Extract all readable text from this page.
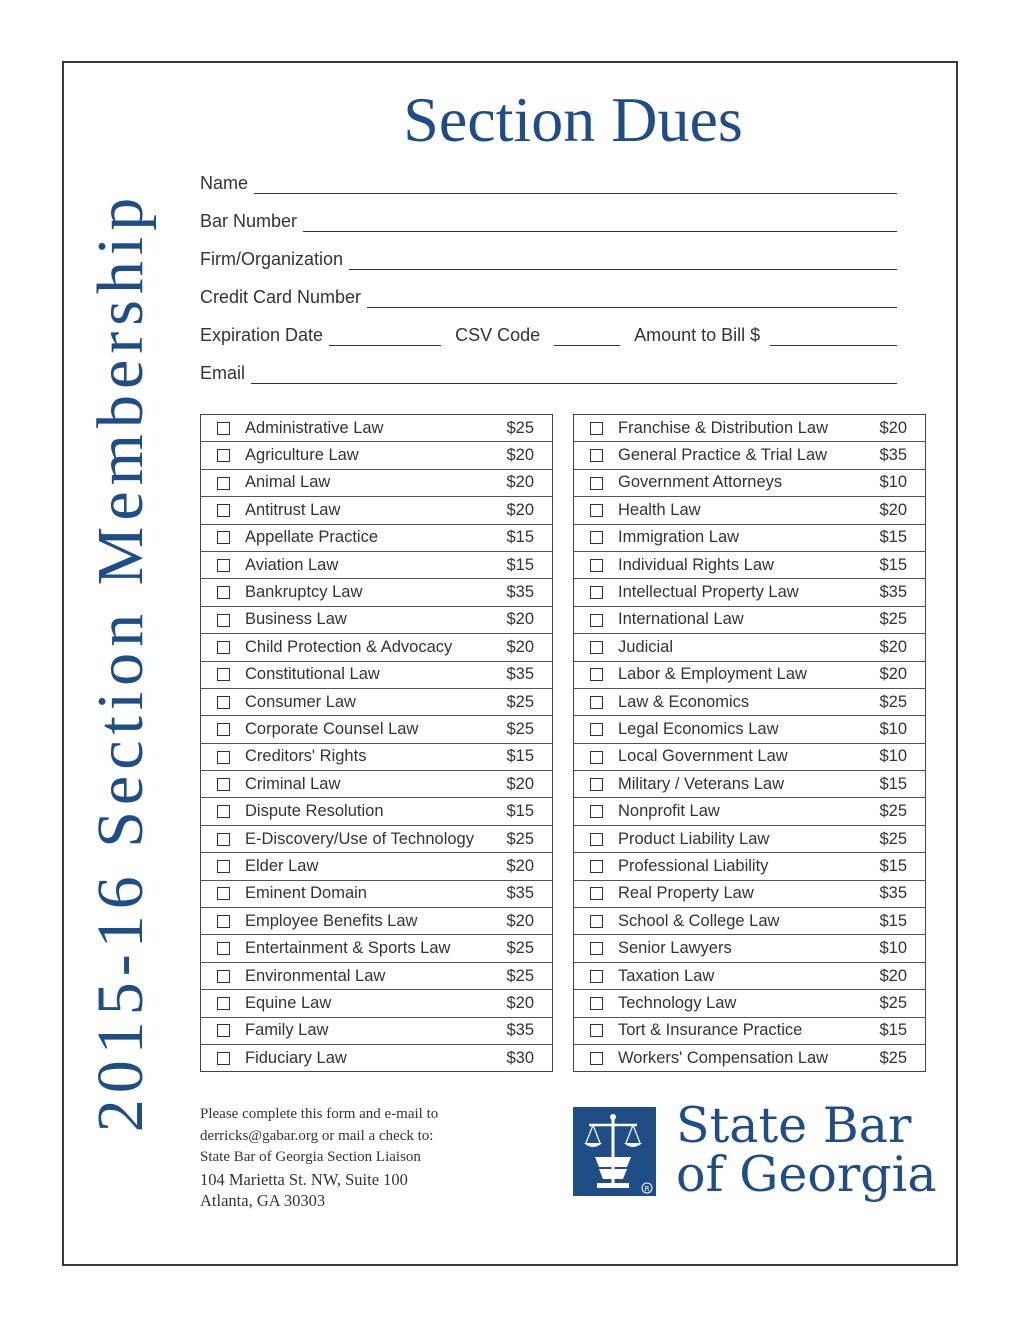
2015-16 Section Membership
Section Dues
Name
Bar Number
Firm/Organization
Credit Card Number
Expiration Date	CSV Code	Amount to Bill $
Email
	Administrative Law	$25
	Agriculture Law	$20
	Animal Law	$20
	Antitrust Law	$20
	Appellate Practice	$15
	Aviation Law	$15
	Bankruptcy Law	$35
	Business Law	$20
	Child Protection & Advocacy	$20
	Constitutional Law	$35
	Consumer Law	$25
	Corporate Counsel Law	$25
	Creditors' Rights	$15
	Criminal Law	$20
	Dispute Resolution	$15
	E-Discovery/Use of Technology	$25
	Elder Law	$20
	Eminent Domain	$35
	Employee Benefits Law	$20
	Entertainment & Sports Law	$25
	Environmental Law	$25
	Equine Law	$20
	Family Law	$35
	Fiduciary Law	$30
	Franchise & Distribution Law	$20
	General Practice & Trial Law	$35
	Government Attorneys	$10
	Health Law	$20
	Immigration Law	$15
	Individual Rights Law	$15
	Intellectual Property Law	$35
	International Law	$25
	Judicial	$20
	Labor & Employment Law	$20
	Law & Economics	$25
	Legal Economics Law	$10
	Local Government Law	$10
	Military / Veterans Law	$15
	Nonprofit Law	$25
	Product Liability Law	$25
	Professional Liability	$15
	Real Property Law	$35
	School & College Law	$15
	Senior Lawyers	$10
	Taxation Law	$20
	Technology Law	$25
	Tort & Insurance Practice	$15
	Workers' Compensation Law	$25
Please complete this form and e-mail to
derricks@gabar.org or mail a check to:
State Bar of Georgia Section Liaison
104 Marietta St. NW, Suite 100
Atlanta, GA 30303
R
State Bar
of Georgia
